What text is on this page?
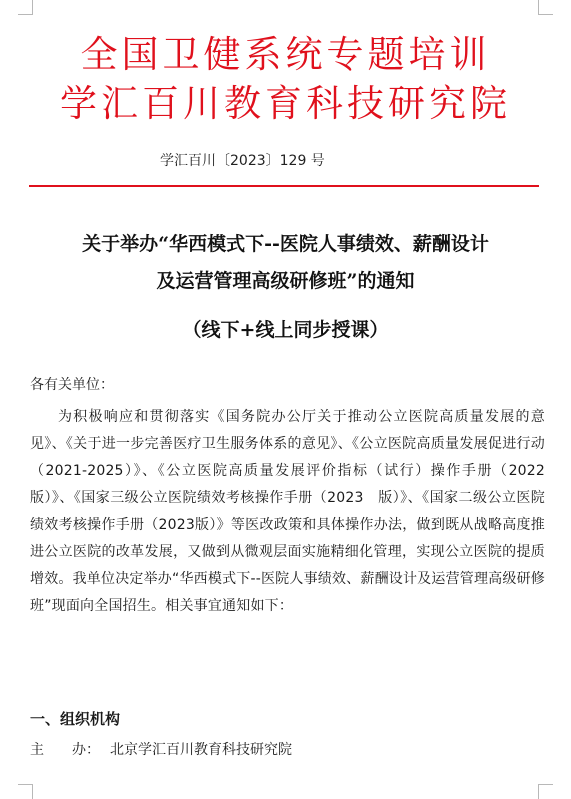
全国卫健系统专题培训
学汇百川教育科技研究院
学汇百川〔2023〕129 号
关于举办“华西模式下--医院人事绩效、薪酬设计
及运营管理高级研修班”的通知
（线下+线上同步授课）
各有关单位：

为积极响应和贯彻落实《国务院办公厅关于推动公立医院高质量发展的意见》、《关于进一步完善医疗卫生服务体系的意见》、《公立医院高质量发展促进行动（2021-2025）》、《公立医院高质量发展评价指标（试行）操作手册（2022　版）》、《国家三级公立医院绩效考核操作手册（2023　版）》、《国家二级公立医院绩效考核操作手册（2023版）》等医改政策和具体操作办法，做到既从战略高度推进公立医院的改革发展，又做到从微观层面实施精细化管理，实现公立医院的提质增效。我单位决定举办“华西模式下--医院人事绩效、薪酬设计及运营管理高级研修班”现面向全国招生。相关事宜通知如下：

一、组织机构
主　　办： 北京学汇百川教育科技研究院
